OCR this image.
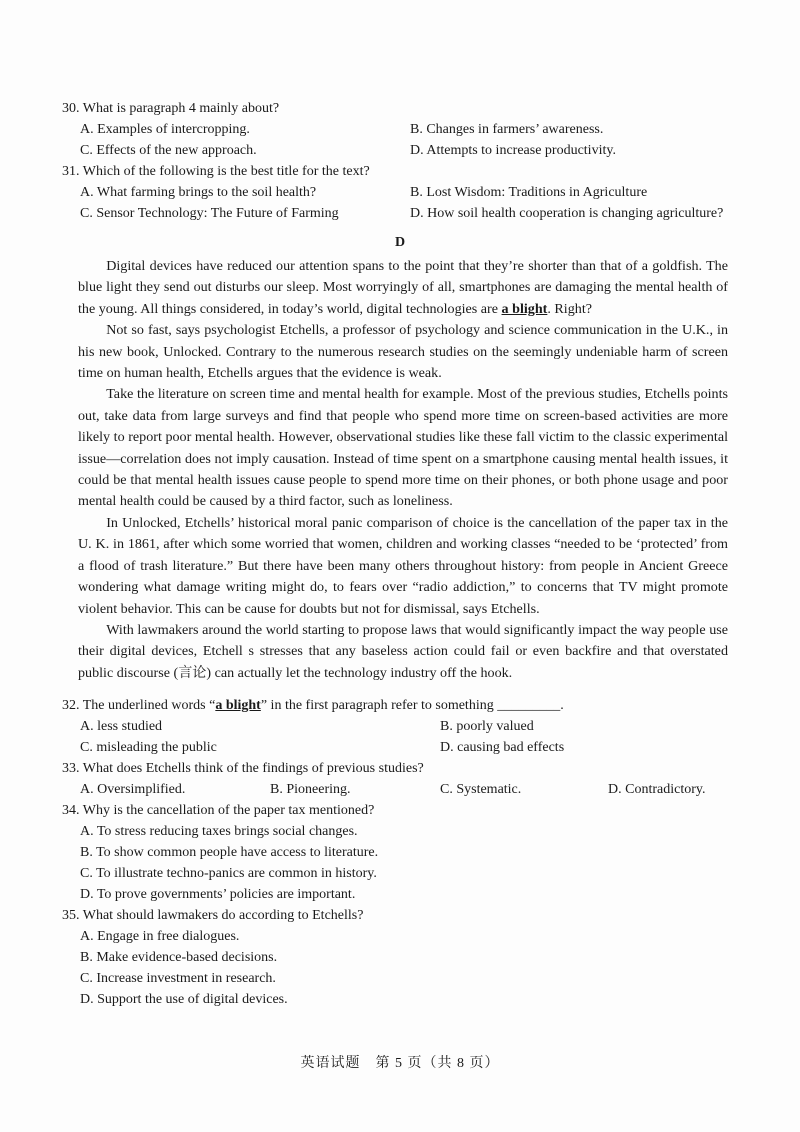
30. What is paragraph 4 mainly about?
A. Examples of intercropping.	B. Changes in farmers’ awareness.
C. Effects of the new approach.	D. Attempts to increase productivity.
31. Which of the following is the best title for the text?
A. What farming brings to the soil health?	B. Lost Wisdom: Traditions in Agriculture
C. Sensor Technology: The Future of Farming	D. How soil health cooperation is changing agriculture?
D

Digital devices have reduced our attention spans to the point that they’re shorter than that of a goldfish. The blue light they send out disturbs our sleep. Most worryingly of all, smartphones are damaging the mental health of the young. All things considered, in today’s world, digital technologies are a blight. Right?

Not so fast, says psychologist Etchells, a professor of psychology and science communication in the U.K., in his new book, Unlocked. Contrary to the numerous research studies on the seemingly undeniable harm of screen time on human health, Etchells argues that the evidence is weak.

Take the literature on screen time and mental health for example. Most of the previous studies, Etchells points out, take data from large surveys and find that people who spend more time on screen-based activities are more likely to report poor mental health. However, observational studies like these fall victim to the classic experimental issue—correlation does not imply causation. Instead of time spent on a smartphone causing mental health issues, it could be that mental health issues cause people to spend more time on their phones, or both phone usage and poor mental health could be caused by a third factor, such as loneliness.

In Unlocked, Etchells’ historical moral panic comparison of choice is the cancellation of the paper tax in the U. K. in 1861, after which some worried that women, children and working classes “needed to be ‘protected’ from a flood of trash literature.” But there have been many others throughout history: from people in Ancient Greece wondering what damage writing might do, to fears over “radio addiction,” to concerns that TV might promote violent behavior. This can be cause for doubts but not for dismissal, says Etchells.

With lawmakers around the world starting to propose laws that would significantly impact the way people use their digital devices, Etchell s stresses that any baseless action could fail or even backfire and that overstated public discourse (言论) can actually let the technology industry off the hook.

32. The underlined words “a blight” in the first paragraph refer to something _________.
A. less studied	B. poorly valued
C. misleading the public	D. causing bad effects
33. What does Etchells think of the findings of previous studies?
A. Oversimplified.	B. Pioneering.	C. Systematic.	D. Contradictory.
34. Why is the cancellation of the paper tax mentioned?
A. To stress reducing taxes brings social changes.
B. To show common people have access to literature.
C. To illustrate techno-panics are common in history.
D. To prove governments’ policies are important.
35. What should lawmakers do according to Etchells?
A. Engage in free dialogues.
B. Make evidence-based decisions.
C. Increase investment in research.
D. Support the use of digital devices.
英语试题　第 5 页（共 8 页）
